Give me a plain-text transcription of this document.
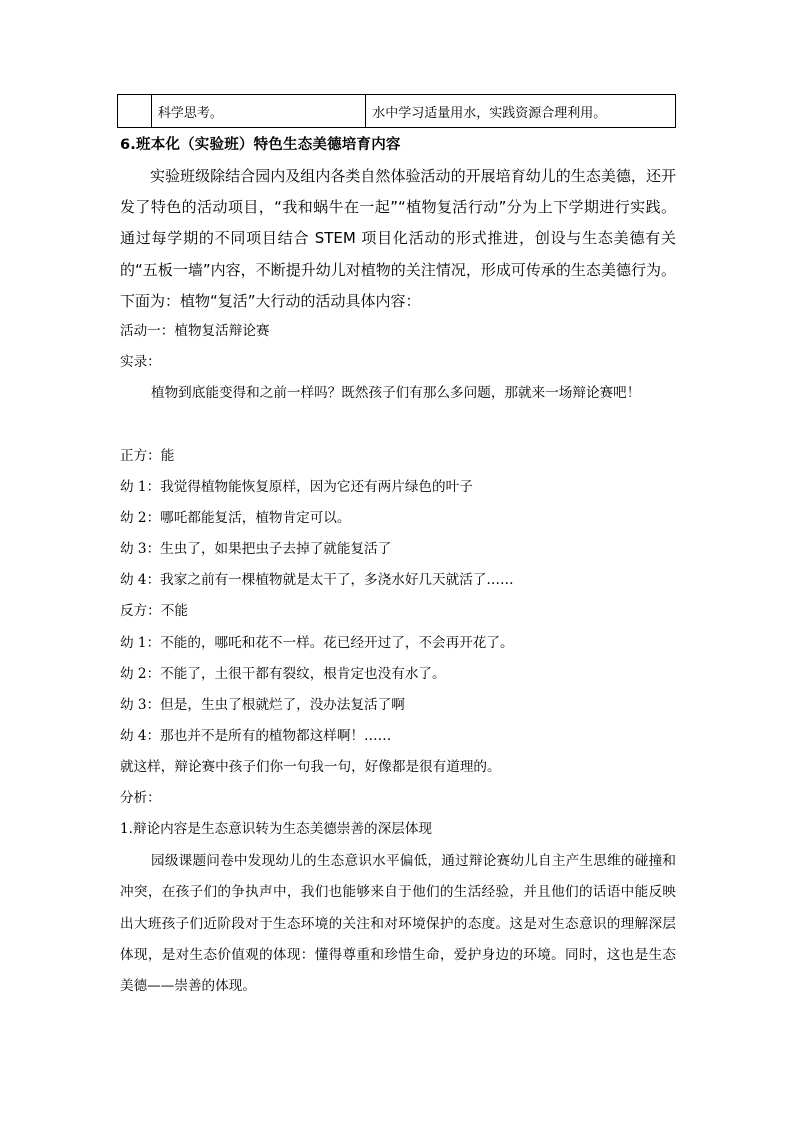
	科学思考。	水中学习适量用水，实践资源合理利用。
6.班本化（实验班）特色生态美德培育内容

实验班级除结合园内及组内各类自然体验活动的开展培育幼儿的生态美德，还开发了特色的活动项目，“我和蜗牛在一起”“植物复活行动”分为上下学期进行实践。通过每学期的不同项目结合 STEM 项目化活动的形式推进，创设与生态美德有关的“五板一墙”内容，不断提升幼儿对植物的关注情况，形成可传承的生态美德行为。下面为：植物“复活”大行动的活动具体内容：

活动一：植物复活辩论赛
实录：

植物到底能变得和之前一样吗？既然孩子们有那么多问题，那就来一场辩论赛吧！

正方：能
幼 1：我觉得植物能恢复原样，因为它还有两片绿色的叶子
幼 2：哪吒都能复活，植物肯定可以。
幼 3：生虫了，如果把虫子去掉了就能复活了
幼 4：我家之前有一棵植物就是太干了，多浇水好几天就活了……
反方：不能
幼 1：不能的，哪吒和花不一样。花已经开过了，不会再开花了。
幼 2：不能了，土很干都有裂纹，根肯定也没有水了。
幼 3：但是，生虫了根就烂了，没办法复活了啊
幼 4：那也并不是所有的植物都这样啊！……
就这样，辩论赛中孩子们你一句我一句，好像都是很有道理的。
分析：
1.辩论内容是生态意识转为生态美德崇善的深层体现

园级课题问卷中发现幼儿的生态意识水平偏低，通过辩论赛幼儿自主产生思维的碰撞和冲突，在孩子们的争执声中，我们也能够来自于他们的生活经验，并且他们的话语中能反映出大班孩子们近阶段对于生态环境的关注和对环境保护的态度。这是对生态意识的理解深层体现，是对生态价值观的体现：懂得尊重和珍惜生命，爱护身边的环境。同时，这也是生态美德——崇善的体现。
